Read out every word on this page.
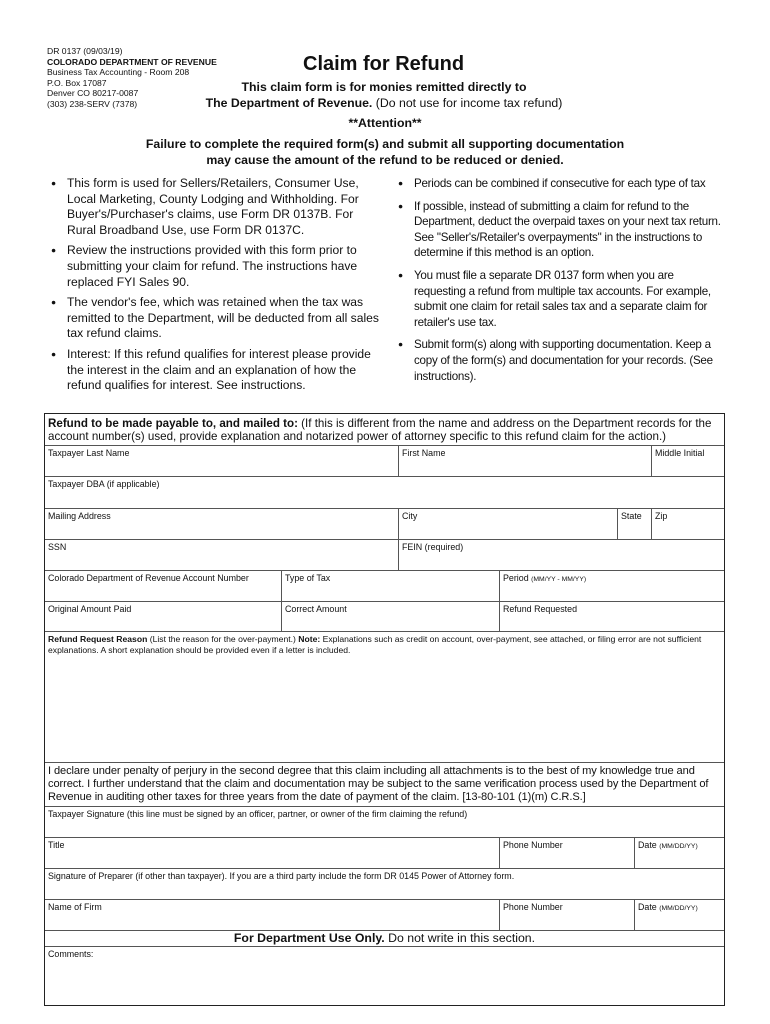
DR 0137 (09/03/19)
COLORADO DEPARTMENT OF REVENUE
Business Tax Accounting - Room 208
P.O. Box 17087
Denver CO 80217-0087
(303) 238-SERV (7378)
Claim for Refund
This claim form is for monies remitted directly to
The Department of Revenue. (Do not use for income tax refund)
**Attention**
Failure to complete the required form(s) and submit all supporting documentation
may cause the amount of the refund to be reduced or denied.
● This form is used for Sellers/Retailers, Consumer Use, Local Marketing, County Lodging and Withholding. For Buyer's/Purchaser's claims, use Form DR 0137B. For Rural Broadband Use, use Form DR 0137C.
● Review the instructions provided with this form prior to submitting your claim for refund. The instructions have replaced FYI Sales 90.
● The vendor's fee, which was retained when the tax was remitted to the Department, will be deducted from all sales tax refund claims.
● Interest: If this refund qualifies for interest please provide the interest in the claim and an explanation of how the refund qualifies for interest. See instructions.
● Periods can be combined if consecutive for each type of tax
● If possible, instead of submitting a claim for refund to the Department, deduct the overpaid taxes on your next tax return. See "Seller's/Retailer's overpayments" in the instructions to determine if this method is an option.
● You must file a separate DR 0137 form when you are requesting a refund from multiple tax accounts. For example, submit one claim for retail sales tax and a separate claim for retailer's use tax.
● Submit form(s) along with supporting documentation. Keep a copy of the form(s) and documentation for your records. (See instructions).
Refund to be made payable to, and mailed to: (If this is different from the name and address on the Department records for the account number(s) used, provide explanation and notarized power of attorney specific to this refund claim for the action.)
Taxpayer Last Name	First Name	Middle Initial
Taxpayer DBA (if applicable)
Mailing Address	City	State	Zip
SSN	FEIN (required)
Colorado Department of Revenue Account Number	Type of Tax	Period (MM/YY - MM/YY)
Original Amount Paid	Correct Amount	Refund Requested
Refund Request Reason (List the reason for the over-payment.) Note: Explanations such as credit on account, over-payment, see attached, or filing error are not sufficient explanations. A short explanation should be provided even if a letter is included.
I declare under penalty of perjury in the second degree that this claim including all attachments is to the best of my knowledge true and correct. I further understand that the claim and documentation may be subject to the same verification process used by the Department of Revenue in auditing other taxes for three years from the date of payment of the claim. [13-80-101 (1)(m) C.R.S.]
Taxpayer Signature (this line must be signed by an officer, partner, or owner of the firm claiming the refund)
Title	Phone Number	Date (MM/DD/YY)
Signature of Preparer (if other than taxpayer). If you are a third party include the form DR 0145 Power of Attorney form.
Name of Firm	Phone Number	Date (MM/DD/YY)
For Department Use Only. Do not write in this section.
Comments:
